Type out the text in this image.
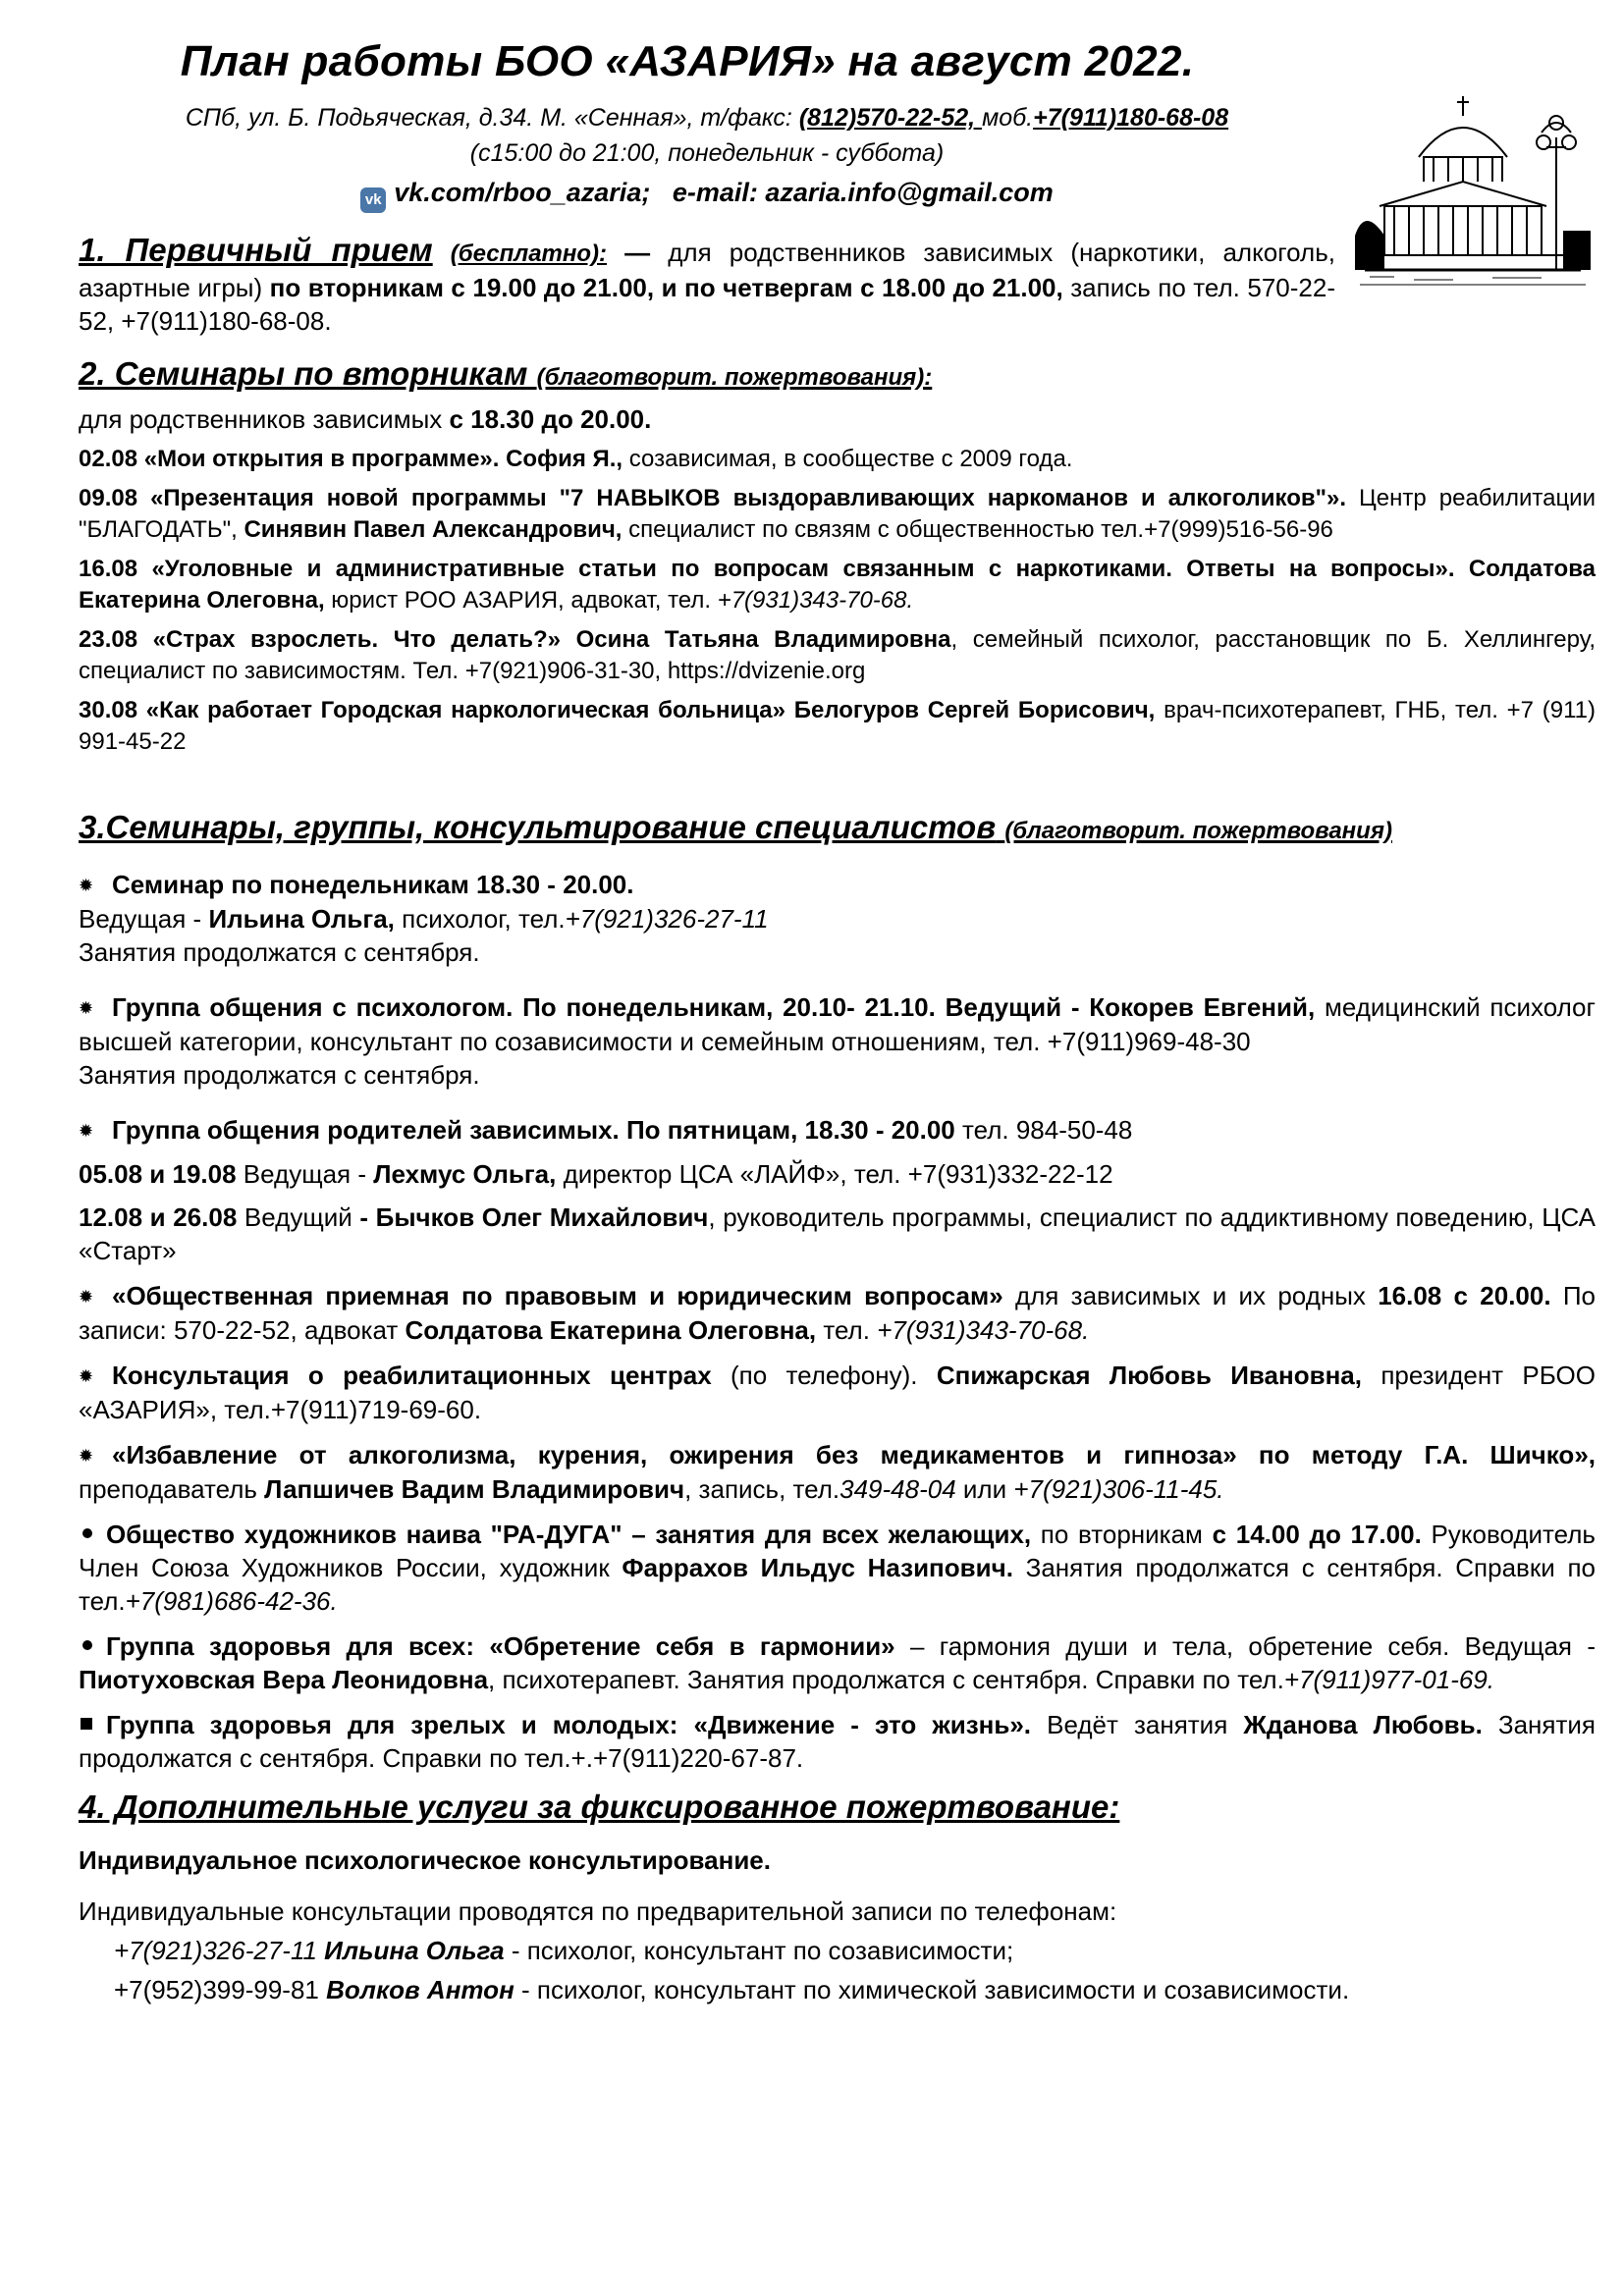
План работы БОО «АЗАРИЯ» на август 2022.
СПб, ул. Б. Подьяческая, д.34. М. «Сенная», т/факс: (812)570-22-52, моб.+7(911)180-68-08
(с15:00 до 21:00, понедельник - суббота)
vk vk.com/rboo_azaria; e-mail: azaria.info@gmail.com

1. Первичный прием (бесплатно): — для родственников зависимых (наркотики, алкоголь, азартные игры) по вторникам с 19.00 до 21.00, и по четвергам с 18.00 до 21.00, запись по тел. 570-22-52, +7(911)180-68-08.

2. Семинары по вторникам (благотворит. пожертвования):

для родственников зависимых с 18.30 до 20.00.

02.08 «Мои открытия в программе». София Я., созависимая, в сообществе с 2009 года.

09.08 «Презентация новой программы "7 НАВЫКОВ выздоравливающих наркоманов и алкоголиков"». Центр реабилитации "БЛАГОДАТЬ", Синявин Павел Александрович, специалист по связям с общественностью тел.+7(999)516-56-96

16.08 «Уголовные и административные статьи по вопросам связанным с наркотиками. Ответы на вопросы». Солдатова Екатерина Олеговна, юрист РОО АЗАРИЯ, адвокат, тел. +7(931)343-70-68.

23.08 «Страх взрослеть. Что делать?» Осина Татьяна Владимировна, семейный психолог, расстановщик по Б. Хеллингеру, специалист по зависимостям. Тел. +7(921)906-31-30, https://dvizenie.org

30.08 «Как работает Городская наркологическая больница» Белогуров Сергей Борисович, врач-психотерапевт, ГНБ, тел. +7 (911) 991-45-22

3.Семинары, группы, консультирование специалистов (благотворит. пожертвования)

✹ Семинар по понедельникам 18.30 - 20.00.

Ведущая - Ильина Ольга, психолог, тел.+7(921)326-27-11

Занятия продолжатся с сентября.

✹ Группа общения с психологом. По понедельникам, 20.10- 21.10. Ведущий - Кокорев Евгений, медицинский психолог высшей категории, консультант по созависимости и семейным отношениям, тел. +7(911)969-48-30

Занятия продолжатся с сентября.

✹ Группа общения родителей зависимых. По пятницам, 18.30 - 20.00 тел. 984-50-48

05.08 и 19.08 Ведущая - Лехмус Ольга, директор ЦСА «ЛАЙФ», тел. +7(931)332-22-12

12.08 и 26.08 Ведущий - Бычков Олег Михайлович, руководитель программы, специалист по аддиктивному поведению, ЦСА «Старт»

✹ «Общественная приемная по правовым и юридическим вопросам» для зависимых и их родных 16.08 с 20.00. По записи: 570-22-52, адвокат Солдатова Екатерина Олеговна, тел. +7(931)343-70-68.

✹ Консультация о реабилитационных центрах (по телефону). Спижарская Любовь Ивановна, президент РБОО «АЗАРИЯ», тел.+7(911)719-69-60.

✹ «Избавление от алкоголизма, курения, ожирения без медикаментов и гипноза» по методу Г.А. Шичко», преподаватель Лапшичев Вадим Владимирович, запись, тел.349-48-04 или +7(921)306-11-45.

Общество художников наива "РА-ДУГА" – занятия для всех желающих, по вторникам с 14.00 до 17.00. Руководитель Член Союза Художников России, художник Фаррахов Ильдус Назипович. Занятия продолжатся с сентября. Справки по тел.+7(981)686-42-36.

Группа здоровья для всех: «Обретение себя в гармонии» – гармония души и тела, обретение себя. Ведущая - Пиотуховская Вера Леонидовна, психотерапевт. Занятия продолжатся с сентября. Справки по тел.+7(911)977-01-69.

Группа здоровья для зрелых и молодых: «Движение - это жизнь». Ведёт занятия Жданова Любовь. Занятия продолжатся с сентября. Справки по тел.+.+7(911)220-67-87.

4. Дополнительные услуги за фиксированное пожертвование:

Индивидуальное психологическое консультирование.

Индивидуальные консультации проводятся по предварительной записи по телефонам:

+7(921)326-27-11 Ильина Ольга - психолог, консультант по созависимости;

+7(952)399-99-81 Волков Антон - психолог, консультант по химической зависимости и созависимости.
